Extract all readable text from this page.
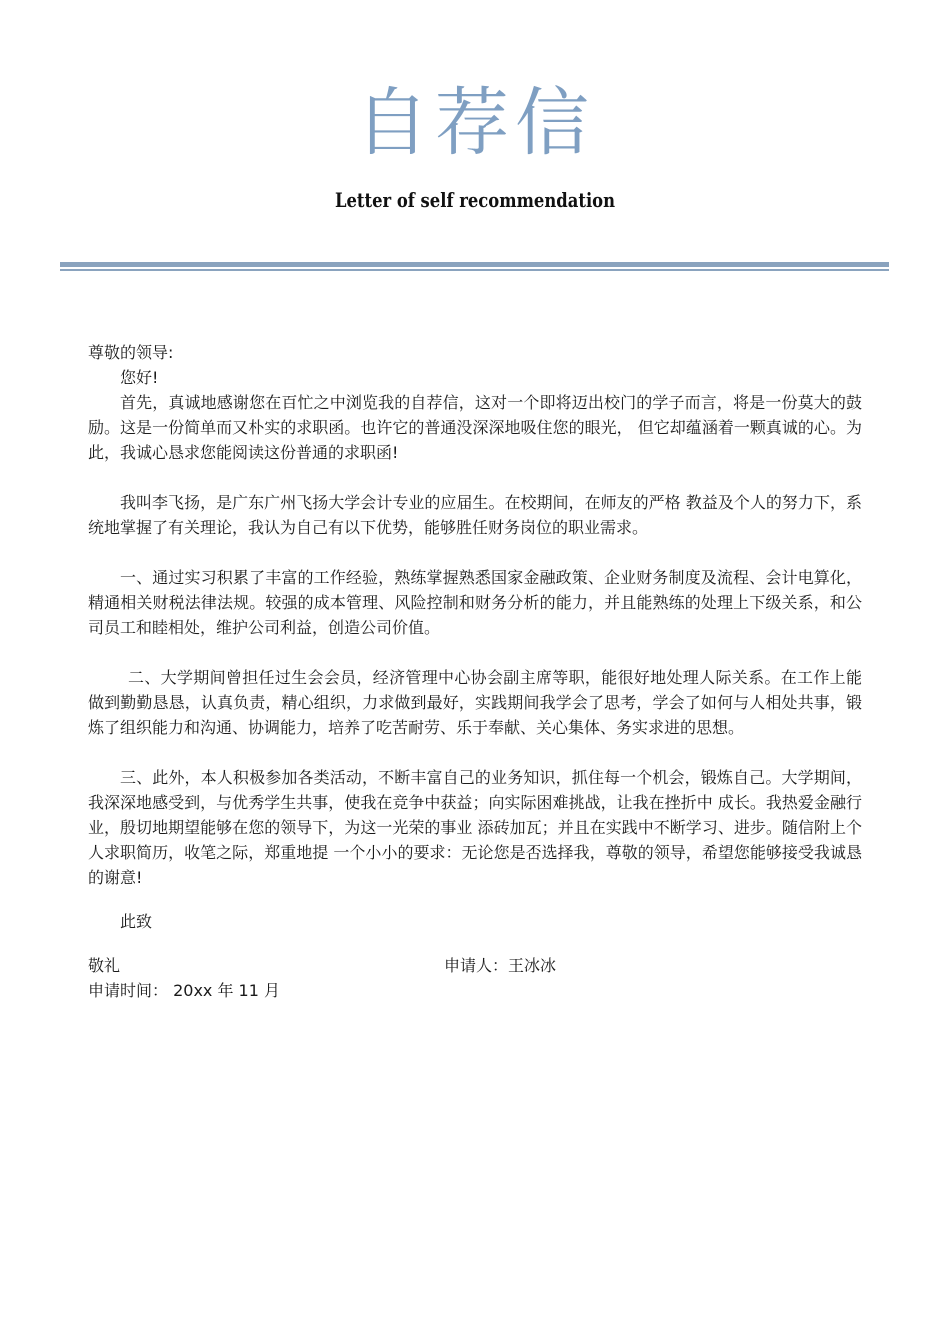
自荐信
Letter of self recommendation

尊敬的领导:

您好!

首先，真诚地感谢您在百忙之中浏览我的自荐信，这对一个即将迈出校门的学子而言，将是一份莫大的鼓励。这是一份简单而又朴实的求职函。也许它的普通没深深地吸住您的眼光， 但它却蕴涵着一颗真诚的心。为此，我诚心恳求您能阅读这份普通的求职函!

我叫李飞扬，是广东广州飞扬大学会计专业的应届生。在校期间，在师友的严格 教益及个人的努力下，系统地掌握了有关理论，我认为自己有以下优势，能够胜任财务岗位的职业需求。

一、通过实习积累了丰富的工作经验，熟练掌握熟悉国家金融政策、企业财务制度及流程、会计电算化，精通相关财税法律法规。较强的成本管理、风险控制和财务分析的能力，并且能熟练的处理上下级关系，和公司员工和睦相处，维护公司利益，创造公司价值。

二、大学期间曾担任过生会会员，经济管理中心协会副主席等职，能很好地处理人际关系。在工作上能做到勤勤恳恳，认真负责，精心组织，力求做到最好，实践期间我学会了思考，学会了如何与人相处共事，锻炼了组织能力和沟通、协调能力，培养了吃苦耐劳、乐于奉献、关心集体、务实求进的思想。

三、此外，本人积极参加各类活动，不断丰富自己的业务知识，抓住每一个机会，锻炼自己。大学期间，我深深地感受到，与优秀学生共事，使我在竞争中获益；向实际困难挑战，让我在挫折中 成长。我热爱金融行业，殷切地期望能够在您的领导下，为这一光荣的事业 添砖加瓦；并且在实践中不断学习、进步。随信附上个人求职简历，收笔之际，郑重地提 一个小小的要求：无论您是否选择我，尊敬的领导，希望您能够接受我诚恳的谢意!

此致

敬礼	申请人：王冰冰

申请时间： 20xx 年 11 月
